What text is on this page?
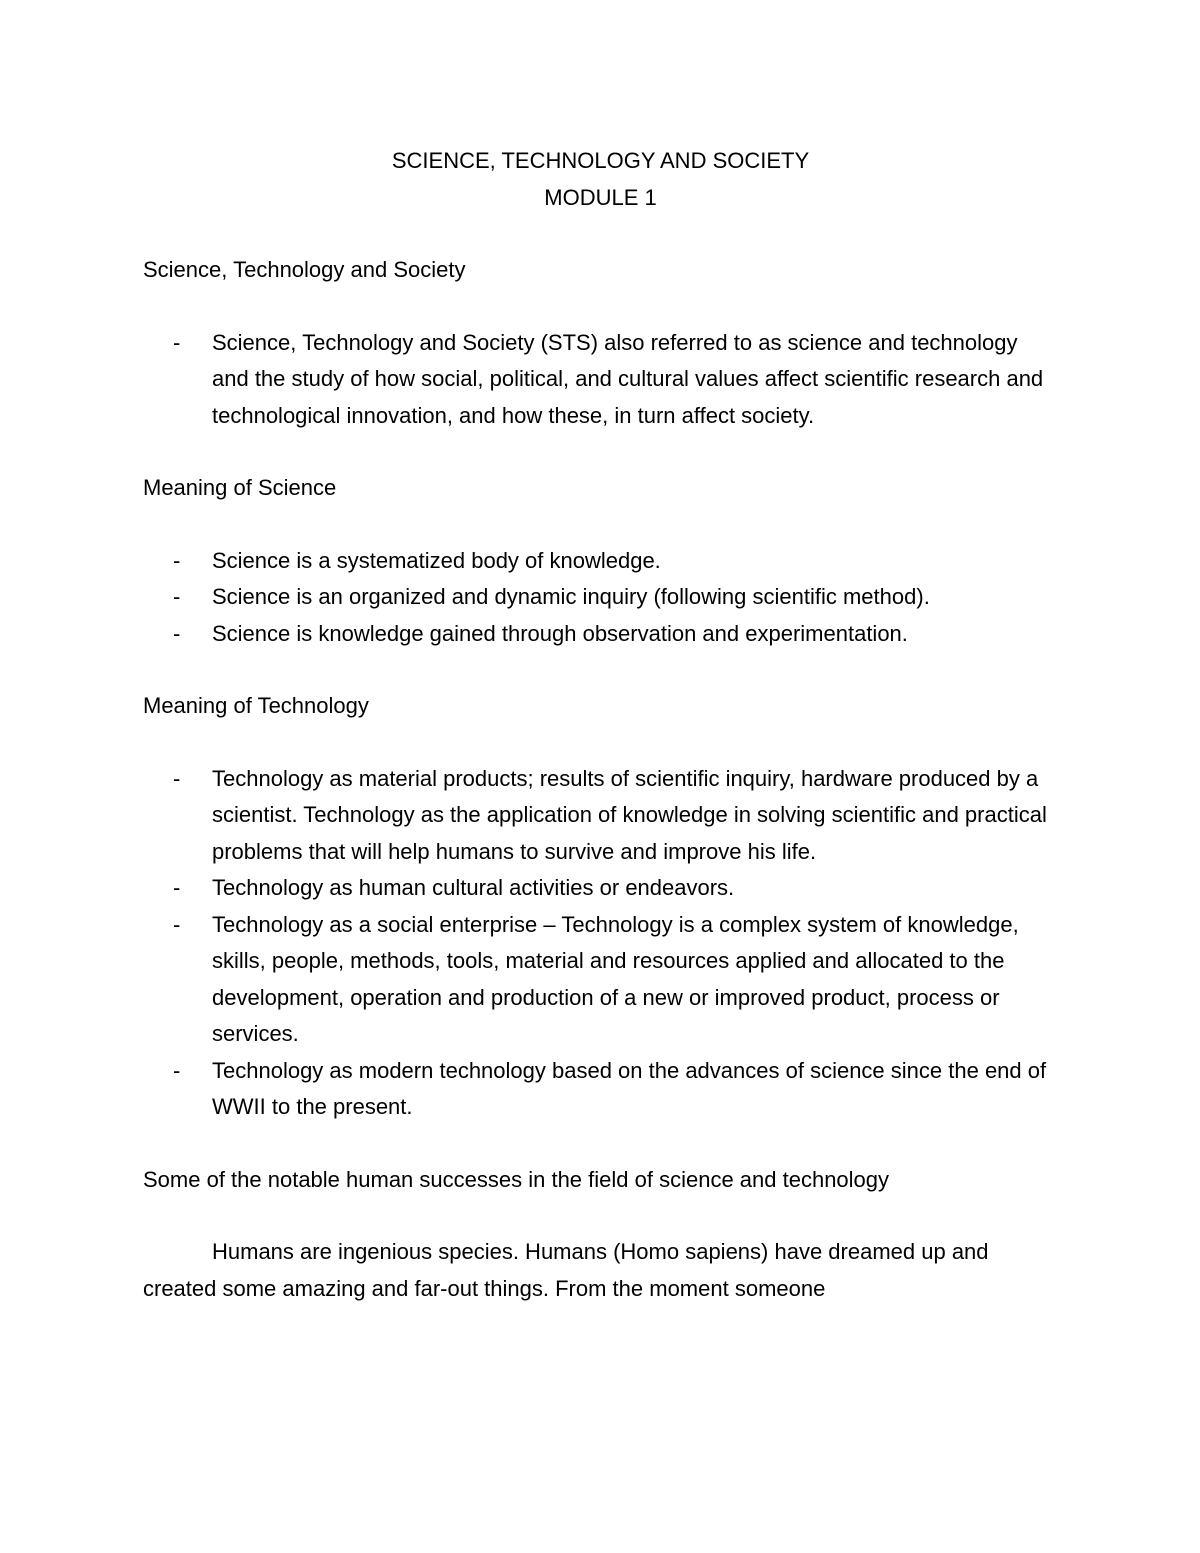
SCIENCE, TECHNOLOGY AND SOCIETY
MODULE 1
Science, Technology and Society
- Science, Technology and Society (STS) also referred to as science and technology and the study of how social, political, and cultural values affect scientific research and technological innovation, and how these, in turn affect society.
Meaning of Science
- Science is a systematized body of knowledge.
- Science is an organized and dynamic inquiry (following scientific method).
- Science is knowledge gained through observation and experimentation.
Meaning of Technology
- Technology as material products; results of scientific inquiry, hardware produced by a scientist. Technology as the application of knowledge in solving scientific and practical problems that will help humans to survive and improve his life.
- Technology as human cultural activities or endeavors.
- Technology as a social enterprise – Technology is a complex system of knowledge, skills, people, methods, tools, material and resources applied and allocated to the development, operation and production of a new or improved product, process or services.
- Technology as modern technology based on the advances of science since the end of WWII to the present.
Some of the notable human successes in the field of science and technology

Humans are ingenious species. Humans (Homo sapiens) have dreamed up and created some amazing and far-out things. From the moment someone
